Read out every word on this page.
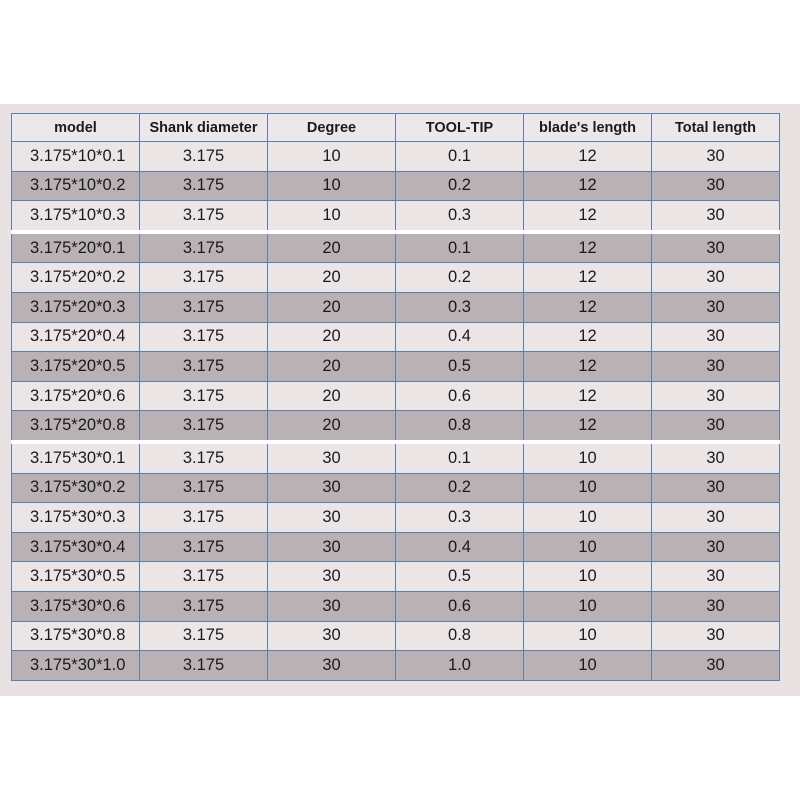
model	Shank diameter	Degree	TOOL-TIP	blade's length	Total length
3.175*10*0.1	3.175	10	0.1	12	30
3.175*10*0.2	3.175	10	0.2	12	30
3.175*10*0.3	3.175	10	0.3	12	30
3.175*20*0.1	3.175	20	0.1	12	30
3.175*20*0.2	3.175	20	0.2	12	30
3.175*20*0.3	3.175	20	0.3	12	30
3.175*20*0.4	3.175	20	0.4	12	30
3.175*20*0.5	3.175	20	0.5	12	30
3.175*20*0.6	3.175	20	0.6	12	30
3.175*20*0.8	3.175	20	0.8	12	30
3.175*30*0.1	3.175	30	0.1	10	30
3.175*30*0.2	3.175	30	0.2	10	30
3.175*30*0.3	3.175	30	0.3	10	30
3.175*30*0.4	3.175	30	0.4	10	30
3.175*30*0.5	3.175	30	0.5	10	30
3.175*30*0.6	3.175	30	0.6	10	30
3.175*30*0.8	3.175	30	0.8	10	30
3.175*30*1.0	3.175	30	1.0	10	30
